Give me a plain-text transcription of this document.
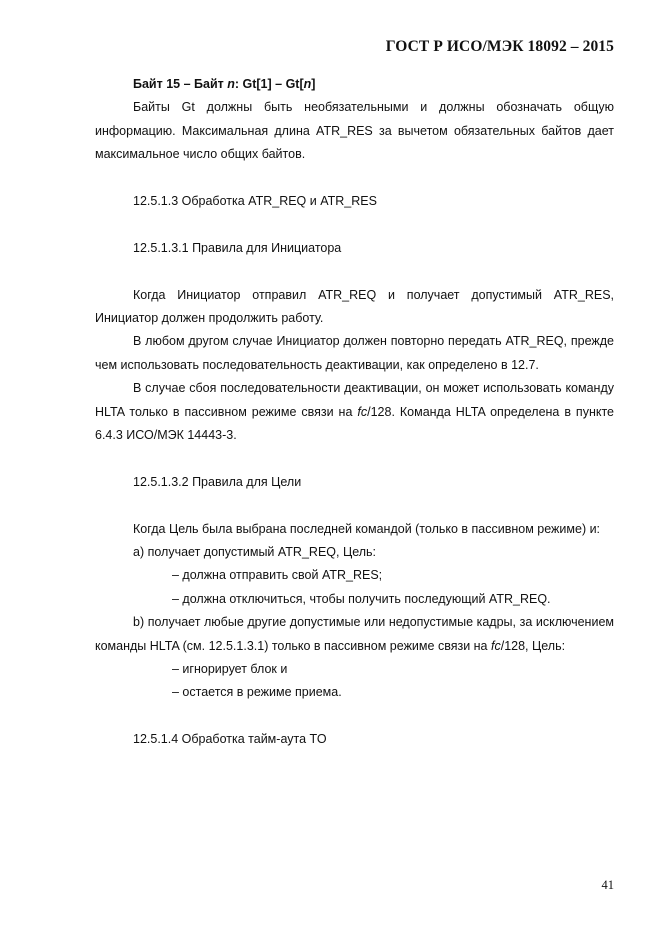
ГОСТ Р ИСО/МЭК 18092 – 2015

Байт 15 – Байт n: Gt[1] – Gt[n]

Байты Gt должны быть необязательными и должны обозначать общую информацию. Максимальная длина ATR_RES за вычетом обязательных байтов дает максимальное число общих байтов.

12.5.1.3 Обработка ATR_REQ и ATR_RES

12.5.1.3.1 Правила для Инициатора

Когда Инициатор отправил ATR_REQ и получает допустимый ATR_RES, Инициатор должен продолжить работу.

В любом другом случае Инициатор должен повторно передать ATR_REQ, прежде чем использовать последовательность деактивации, как определено в 12.7.

В случае сбоя последовательности деактивации, он может использовать команду HLTA только в пассивном режиме связи на fc/128. Команда HLTA определена в пункте 6.4.3 ИСО/МЭК 14443-3.

12.5.1.3.2 Правила для Цели

Когда Цель была выбрана последней командой (только в пассивном режиме) и:

а) получает допустимый ATR_REQ, Цель:

– должна отправить свой ATR_RES;

– должна отключиться, чтобы получить последующий ATR_REQ.

b) получает любые другие допустимые или недопустимые кадры, за исключением команды HLTA (см. 12.5.1.3.1) только в пассивном режиме связи на fc/128, Цель:

– игнорирует блок и

– остается в режиме приема.

12.5.1.4 Обработка тайм-аута TO

41
